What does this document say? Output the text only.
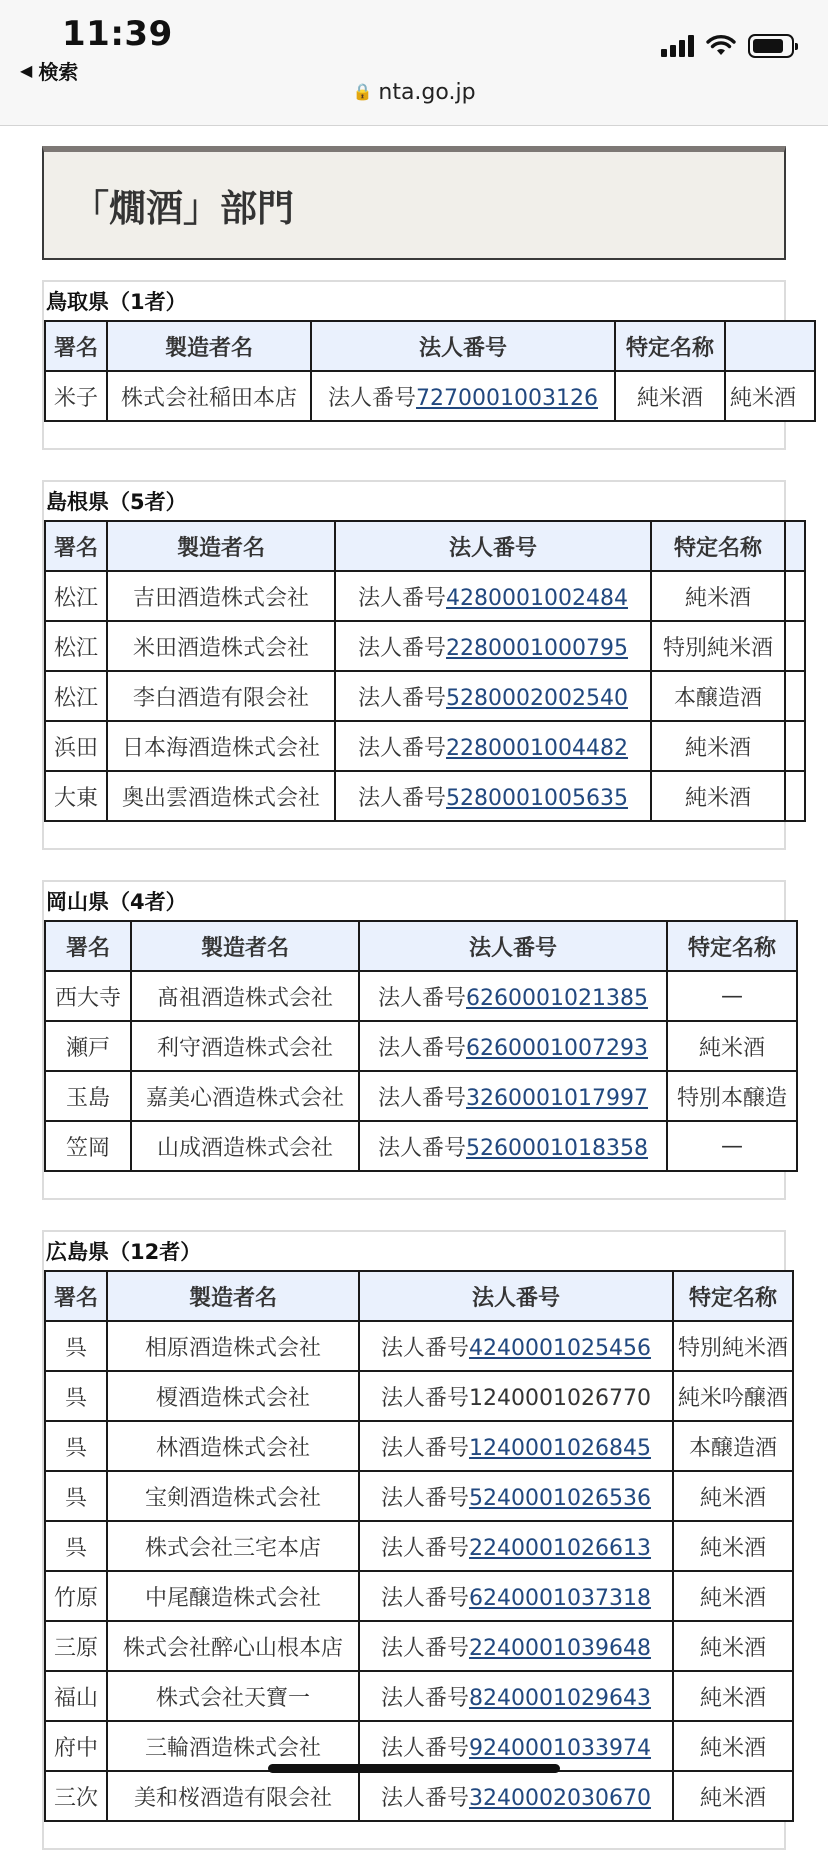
11:39
◀ 検索
🔒 nta.go.jp
「燗酒」部門
鳥取県（1者）
署名	製造者名	法人番号	特定名称	
米子	株式会社稲田本店	法人番号7270001003126	純米酒	純米酒
島根県（5者）
署名	製造者名	法人番号	特定名称	
松江	吉田酒造株式会社	法人番号4280001002484	純米酒	
松江	米田酒造株式会社	法人番号2280001000795	特別純米酒	
松江	李白酒造有限会社	法人番号5280002002540	本醸造酒	
浜田	日本海酒造株式会社	法人番号2280001004482	純米酒	
大東	奥出雲酒造株式会社	法人番号5280001005635	純米酒	
岡山県（4者）
署名	製造者名	法人番号	特定名称
西大寺	髙祖酒造株式会社	法人番号6260001021385	—
瀬戸	利守酒造株式会社	法人番号6260001007293	純米酒
玉島	嘉美心酒造株式会社	法人番号3260001017997	特別本醸造
笠岡	山成酒造株式会社	法人番号5260001018358	—
広島県（12者）
署名	製造者名	法人番号	特定名称
呉	相原酒造株式会社	法人番号4240001025456	特別純米酒
呉	榎酒造株式会社	法人番号1240001026770	純米吟醸酒
呉	林酒造株式会社	法人番号1240001026845	本醸造酒
呉	宝剣酒造株式会社	法人番号5240001026536	純米酒
呉	株式会社三宅本店	法人番号2240001026613	純米酒
竹原	中尾醸造株式会社	法人番号6240001037318	純米酒
三原	株式会社醉心山根本店	法人番号2240001039648	純米酒
福山	株式会社天寶一	法人番号8240001029643	純米酒
府中	三輪酒造株式会社	法人番号9240001033974	純米酒
三次	美和桜酒造有限会社	法人番号3240002030670	純米酒
